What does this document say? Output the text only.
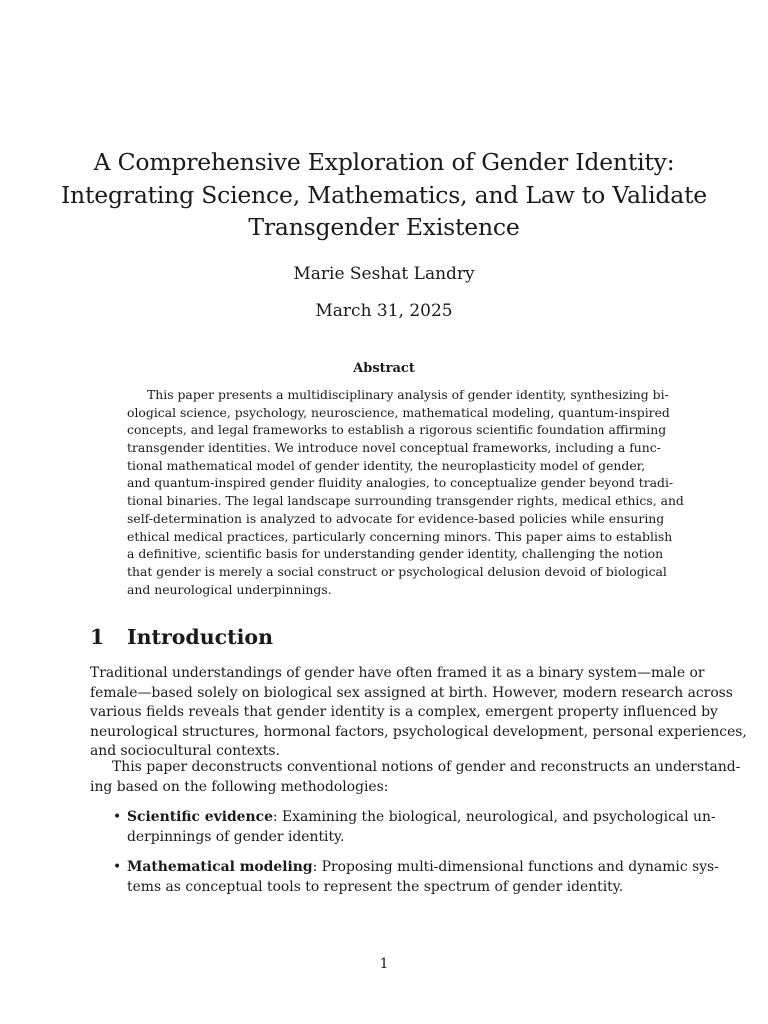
A Comprehensive Exploration of Gender Identity:
Integrating Science, Mathematics, and Law to Validate
Transgender Existence
Marie Seshat Landry
March 31, 2025
Abstract
This paper presents a multidisciplinary analysis of gender identity, synthesizing bi-
ological science, psychology, neuroscience, mathematical modeling, quantum-inspired
concepts, and legal frameworks to establish a rigorous scientific foundation affirming
transgender identities. We introduce novel conceptual frameworks, including a func-
tional mathematical model of gender identity, the neuroplasticity model of gender,
and quantum-inspired gender fluidity analogies, to conceptualize gender beyond tradi-
tional binaries. The legal landscape surrounding transgender rights, medical ethics, and
self-determination is analyzed to advocate for evidence-based policies while ensuring
ethical medical practices, particularly concerning minors. This paper aims to establish
a definitive, scientific basis for understanding gender identity, challenging the notion
that gender is merely a social construct or psychological delusion devoid of biological
and neurological underpinnings.
1 Introduction
Traditional understandings of gender have often framed it as a binary system—male or
female—based solely on biological sex assigned at birth. However, modern research across
various fields reveals that gender identity is a complex, emergent property influenced by
neurological structures, hormonal factors, psychological development, personal experiences,
and sociocultural contexts.
This paper deconstructs conventional notions of gender and reconstructs an understand-
ing based on the following methodologies:
• Scientific evidence: Examining the biological, neurological, and psychological un-
derpinnings of gender identity.
• Mathematical modeling: Proposing multi-dimensional functions and dynamic sys-
tems as conceptual tools to represent the spectrum of gender identity.
1
